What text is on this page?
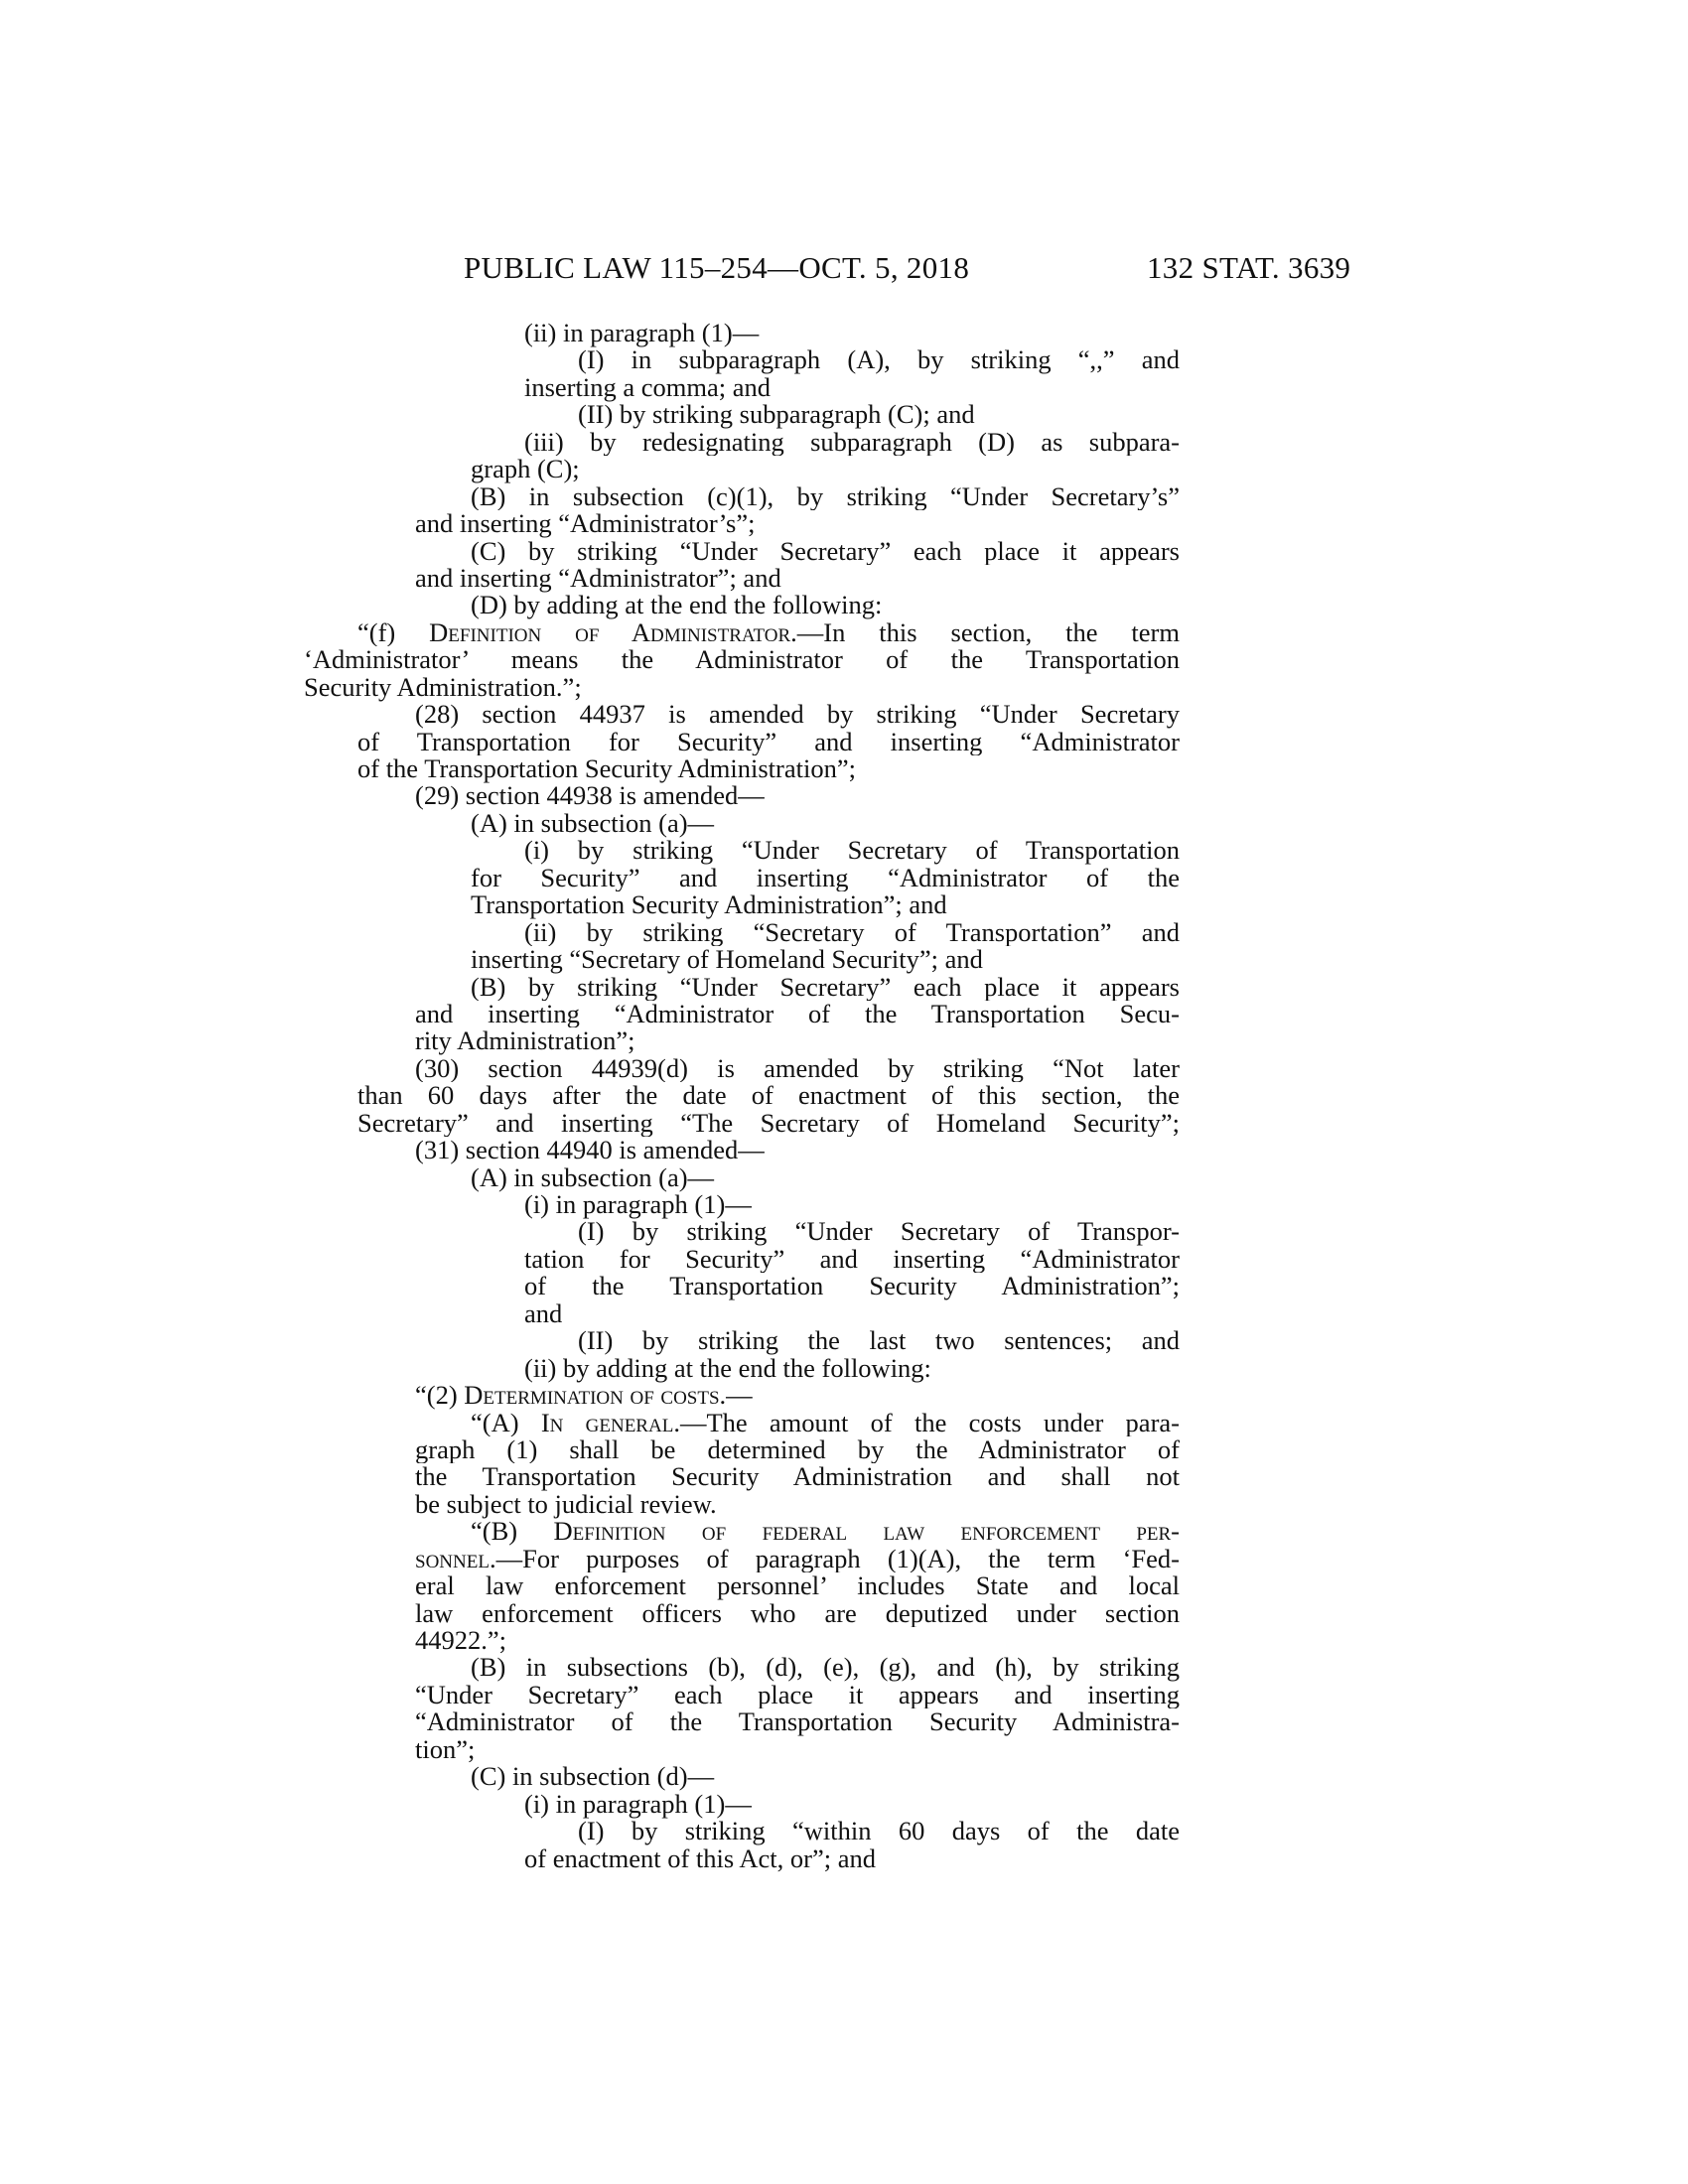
PUBLIC LAW 115–254—OCT. 5, 2018	132 STAT. 3639
(ii) in paragraph (1)—
(I) in subparagraph (A), by striking “,,” and
inserting a comma; and
(II) by striking subparagraph (C); and
(iii) by redesignating subparagraph (D) as subpara-
graph (C);
(B) in subsection (c)(1), by striking “Under Secretary’s”
and inserting “Administrator’s”;
(C) by striking “Under Secretary” each place it appears
and inserting “Administrator”; and
(D) by adding at the end the following:
“(f) Definition of Administrator.—In this section, the term
‘Administrator’ means the Administrator of the Transportation
Security Administration.”;
(28) section 44937 is amended by striking “Under Secretary
of Transportation for Security” and inserting “Administrator
of the Transportation Security Administration”;
(29) section 44938 is amended—
(A) in subsection (a)—
(i) by striking “Under Secretary of Transportation
for Security” and inserting “Administrator of the
Transportation Security Administration”; and
(ii) by striking “Secretary of Transportation” and
inserting “Secretary of Homeland Security”; and
(B) by striking “Under Secretary” each place it appears
and inserting “Administrator of the Transportation Secu-
rity Administration”;
(30) section 44939(d) is amended by striking “Not later
than 60 days after the date of enactment of this section, the
Secretary” and inserting “The Secretary of Homeland Security”;
(31) section 44940 is amended—
(A) in subsection (a)—
(i) in paragraph (1)—
(I) by striking “Under Secretary of Transpor-
tation for Security” and inserting “Administrator
of the Transportation Security Administration”;
and
(II) by striking the last two sentences; and
(ii) by adding at the end the following:
“(2) Determination of costs.—
“(A) In general.—The amount of the costs under para-
graph (1) shall be determined by the Administrator of
the Transportation Security Administration and shall not
be subject to judicial review.
“(B) Definition of federal law enforcement per-
sonnel.—For purposes of paragraph (1)(A), the term ‘Fed-
eral law enforcement personnel’ includes State and local
law enforcement officers who are deputized under section
44922.”;
(B) in subsections (b), (d), (e), (g), and (h), by striking
“Under Secretary” each place it appears and inserting
“Administrator of the Transportation Security Administra-
tion”;
(C) in subsection (d)—
(i) in paragraph (1)—
(I) by striking “within 60 days of the date
of enactment of this Act, or”; and
